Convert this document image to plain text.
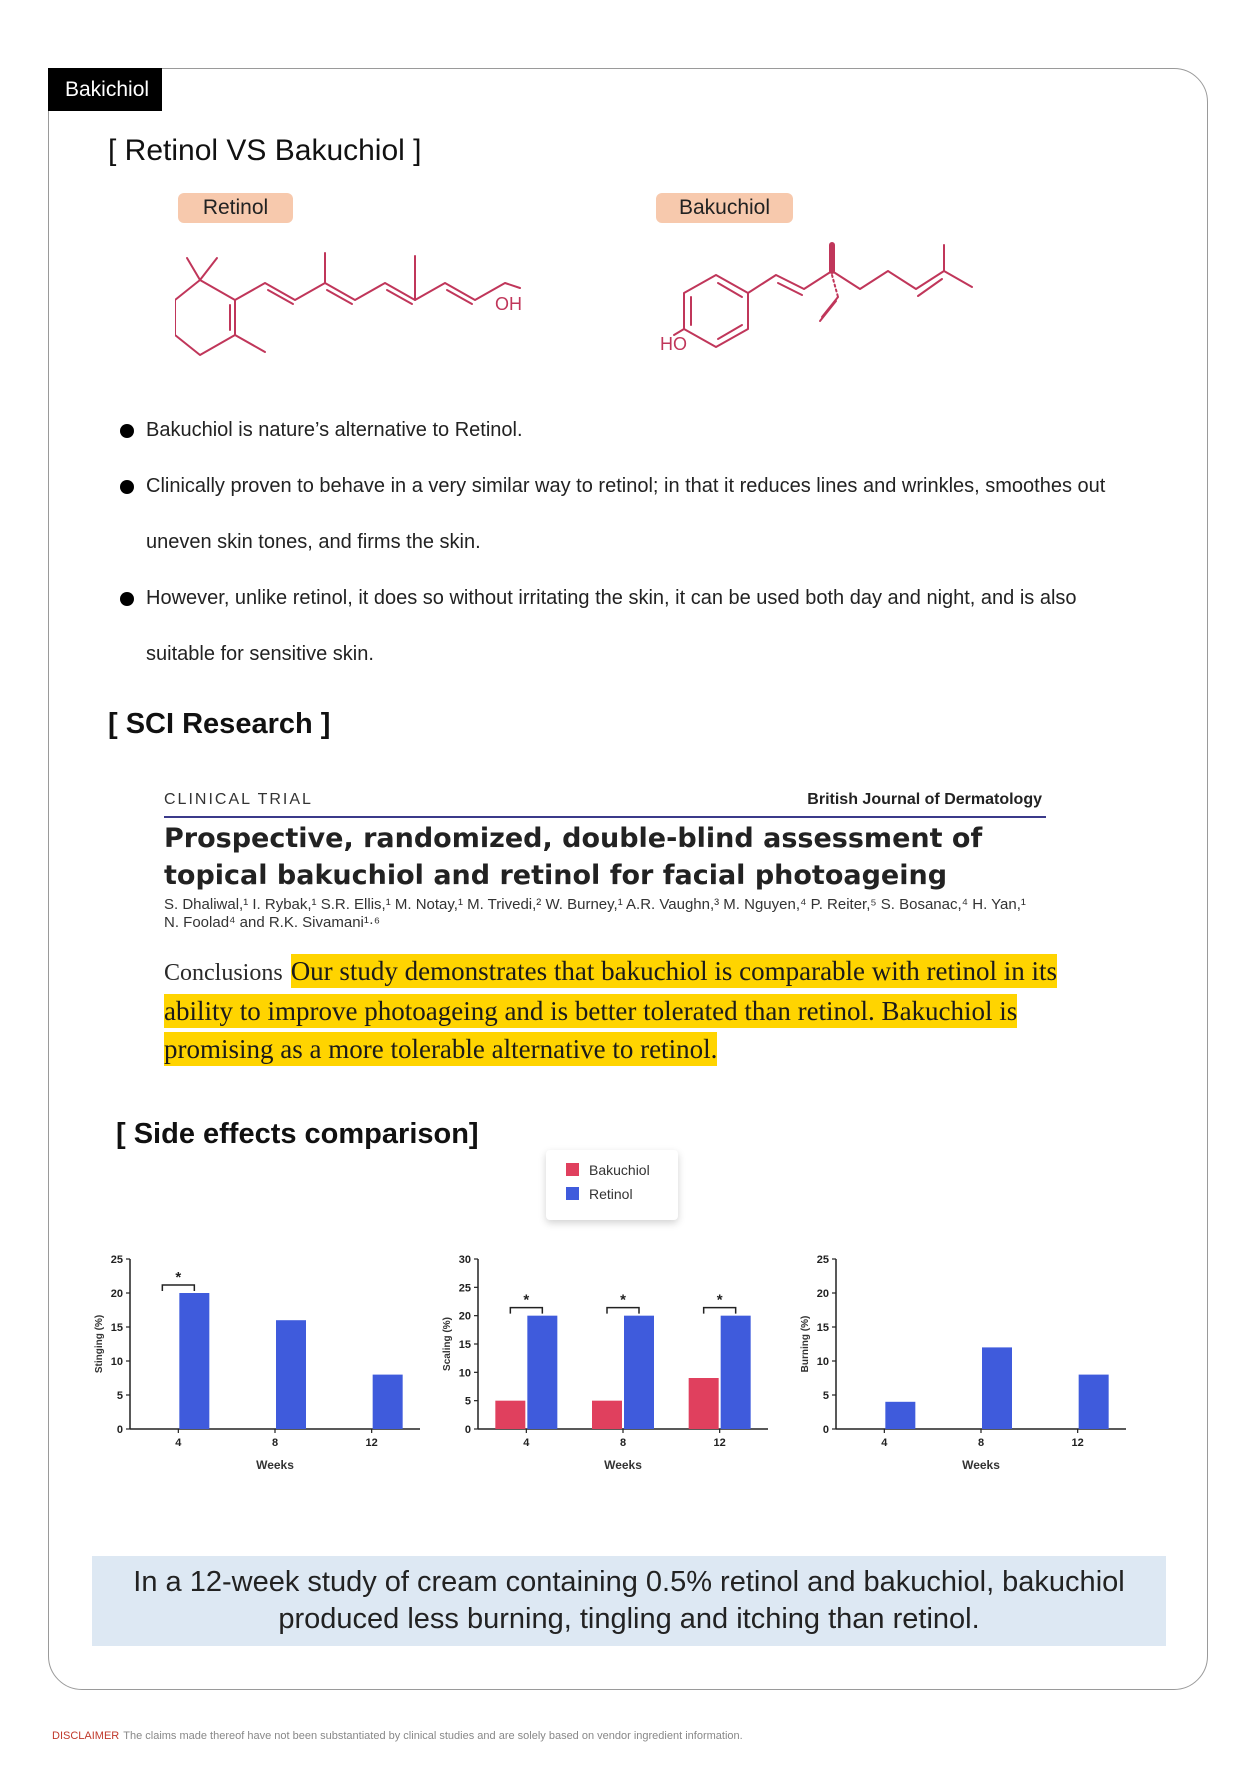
Bakichiol
[ Retinol VS Bakuchiol ]
Retinol	Bakuchiol
OH
HO
Bakuchiol is nature’s alternative to Retinol.
Clinically proven to behave in a very similar way to retinol; in that it reduces lines and wrinkles, smoothes out uneven skin tones, and firms the skin.
However, unlike retinol, it does so without irritating the skin, it can be used both day and night, and is also suitable for sensitive skin.
[ SCI Research ]
CLINICAL TRIAL	British Journal of Dermatology
Prospective, randomized, double-blind assessment of topical bakuchiol and retinol for facial photoageing
S. Dhaliwal,¹ I. Rybak,¹ S.R. Ellis,¹ M. Notay,¹ M. Trivedi,² W. Burney,¹ A.R. Vaughn,³ M. Nguyen,⁴ P. Reiter,⁵ S. Bosanac,⁴ H. Yan,¹ N. Foolad⁴ and R.K. Sivamani¹·⁶
Conclusions Our study demonstrates that bakuchiol is comparable with retinol in its ability to improve photoageing and is better tolerated than retinol. Bakuchiol is promising as a more tolerable alternative to retinol.
[ Side effects comparison]
Bakuchiol
Retinol
0
5
10
15
20
25
4
*
8	12
Weeks
Stinging (%)
0
5
10
15
20
25
30
4
*
8
*
12
*
Weeks
Scaling (%)
0
5
10
15
20
25
4	8	12
Weeks
Burning (%)
In a 12-week study of cream containing 0.5% retinol and bakuchiol, bakuchiol produced less burning, tingling and itching than retinol.
DISCLAIMER The claims made thereof have not been substantiated by clinical studies and are solely based on vendor ingredient information.
